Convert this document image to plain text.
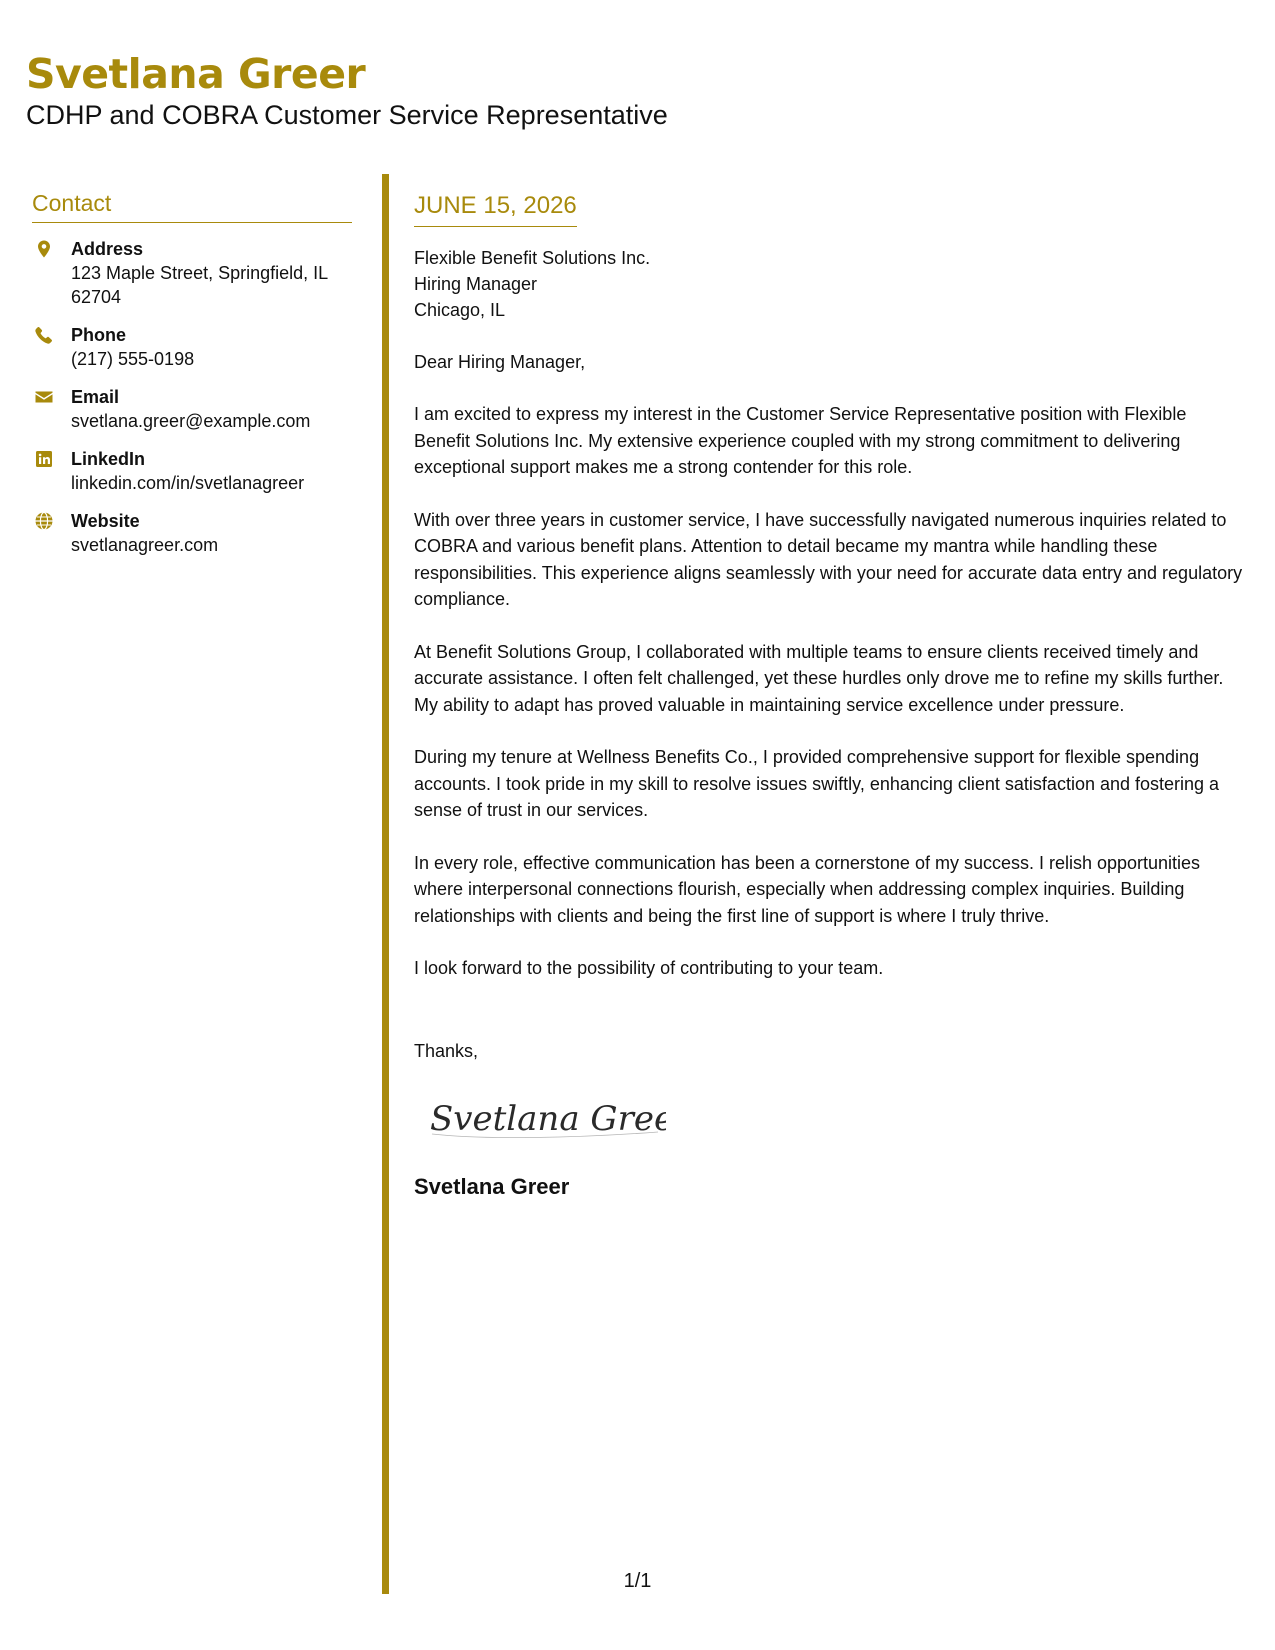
Svetlana Greer
CDHP and COBRA Customer Service Representative
Contact
Address
123 Maple Street, Springfield, IL 62704
Phone
(217) 555-0198
Email
svetlana.greer@example.com
LinkedIn
linkedin.com/in/svetlanagreer
Website
svetlanagreer.com
JUNE 15, 2026
Flexible Benefit Solutions Inc.
Hiring Manager
Chicago, IL
Dear Hiring Manager,
I am excited to express my interest in the Customer Service Representative position with Flexible Benefit Solutions Inc. My extensive experience coupled with my strong commitment to delivering exceptional support makes me a strong contender for this role.
With over three years in customer service, I have successfully navigated numerous inquiries related to COBRA and various benefit plans. Attention to detail became my mantra while handling these responsibilities. This experience aligns seamlessly with your need for accurate data entry and regulatory compliance.
At Benefit Solutions Group, I collaborated with multiple teams to ensure clients received timely and accurate assistance. I often felt challenged, yet these hurdles only drove me to refine my skills further. My ability to adapt has proved valuable in maintaining service excellence under pressure.
During my tenure at Wellness Benefits Co., I provided comprehensive support for flexible spending accounts. I took pride in my skill to resolve issues swiftly, enhancing client satisfaction and fostering a sense of trust in our services.
In every role, effective communication has been a cornerstone of my success. I relish opportunities where interpersonal connections flourish, especially when addressing complex inquiries. Building relationships with clients and being the first line of support is where I truly thrive.
I look forward to the possibility of contributing to your team.
Thanks,
Svetlana Greer
Svetlana Greer
1/1
